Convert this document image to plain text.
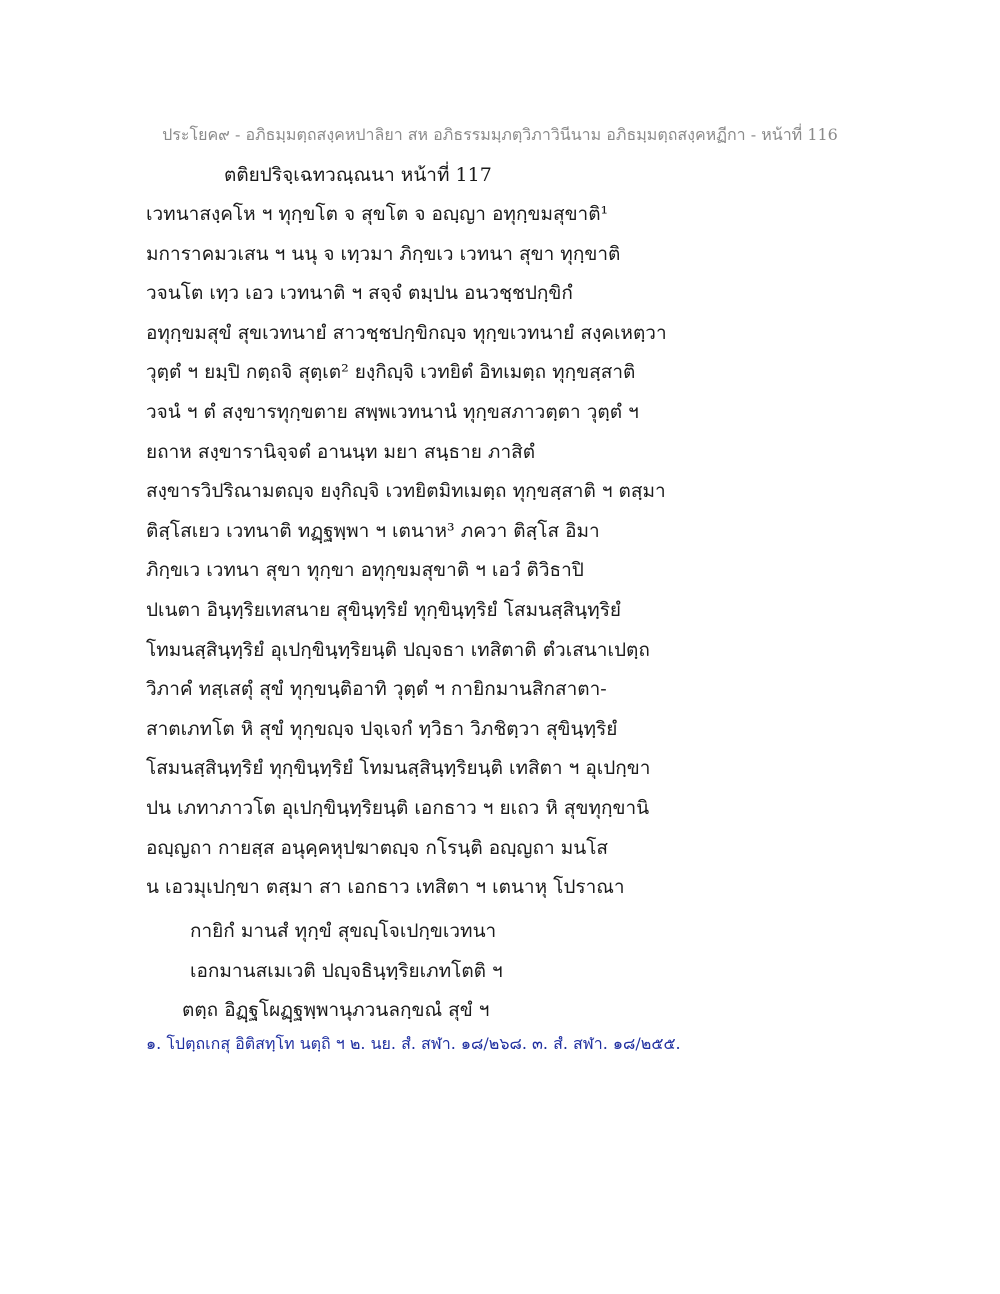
ประโยค๙ - อภิธมฺมตฺถสงฺคหปาลิยา สห อภิธรรมมฺภตฺวิภาวินีนาม อภิธมฺมตฺถสงฺคหฏีกา - หน้าที่ 116
ตติยปริจฺเฉทวณฺณนา หน้าที่ 117
เวทนาสงฺคโห ฯ ทุกฺขโต จ สุขโต จ อญฺญา อทุกฺขมสุขาติ¹
มการาคมวเสน ฯ นนุ จ เทฺวมา ภิกฺขเว เวทนา สุขา ทุกฺขาติ
วจนโต เทฺว เอว เวทนาติ ฯ สจฺจํ ตมฺปน อนวชฺชปกฺขิกํ
อทุกฺขมสุขํ สุขเวทนายํ สาวชฺชปกฺขิกญฺจ ทุกฺขเวทนายํ สงฺคเหตฺวา
วุตฺตํ ฯ ยมฺปิ กตฺถจิ สุตฺเต² ยงฺกิญฺจิ เวทยิตํ อิทเมตฺถ ทุกฺขสฺสาติ
วจนํ ฯ ตํ สงฺขารทุกฺขตาย สพฺพเวทนานํ ทุกฺขสภาวตฺตา วุตฺตํ ฯ
ยถาห สงฺขารานิจฺจตํ อานนฺท มยา สนฺธาย ภาสิตํ
สงฺขารวิปริณามตญฺจ ยงฺกิญฺจิ เวทยิตมิทเมตฺถ ทุกฺขสฺสาติ ฯ ตสฺมา
ติสฺโสเยว เวทนาติ ทฏฺฐพฺพา ฯ เตนาห³ ภควา ติสฺโส อิมา
ภิกฺขเว เวทนา สุขา ทุกฺขา อทุกฺขมสุขาติ ฯ เอวํ ติวิธาปิ
ปเนตา อินฺทฺริยเทสนาย สุขินฺทฺริยํ ทุกฺขินฺทฺริยํ โสมนสฺสินฺทฺริยํ
โทมนสฺสินฺทฺริยํ อุเปกฺขินฺทฺริยนฺติ ปญฺจธา เทสิตาติ ตํวเสนาเปตฺถ
วิภาคํ ทสฺเสตุํ สุขํ ทุกฺขนฺติอาทิ วุตฺตํ ฯ กายิกมานสิกสาตา-
สาตเภทโต หิ สุขํ ทุกฺขญฺจ ปจฺเจกํ ทฺวิธา วิภชิตฺวา สุขินฺทฺริยํ
โสมนสฺสินฺทฺริยํ ทุกฺขินฺทฺริยํ โทมนสฺสินฺทฺริยนฺติ เทสิตา ฯ อุเปกฺขา
ปน เภทาภาวโต อุเปกฺขินฺทฺริยนฺติ เอกธาว ฯ ยเถว หิ สุขทุกฺขานิ
อญฺญถา กายสฺส อนุคฺคหุปฆาตญฺจ กโรนฺติ อญฺญถา มนโส
น เอวมุเปกฺขา ตสฺมา สา เอกธาว เทสิตา ฯ เตนาหุ โปราณา
กายิกํ มานสํ ทุกฺขํ สุขญฺโจเปกฺขเวทนา
เอกมานสเมเวติ ปญฺจธินฺทฺริยเภทโตติ ฯ
ตตฺถ อิฏฺฐโผฏฺฐพฺพานุภวนลกฺขณํ สุขํ ฯ
๑. โปตฺถเกสุ อิติสทฺโท นตฺถิ ฯ ๒. นย. สํ. สฬา. ๑๘/๒๖๘. ๓. สํ. สฬา. ๑๘/๒๕๕.
